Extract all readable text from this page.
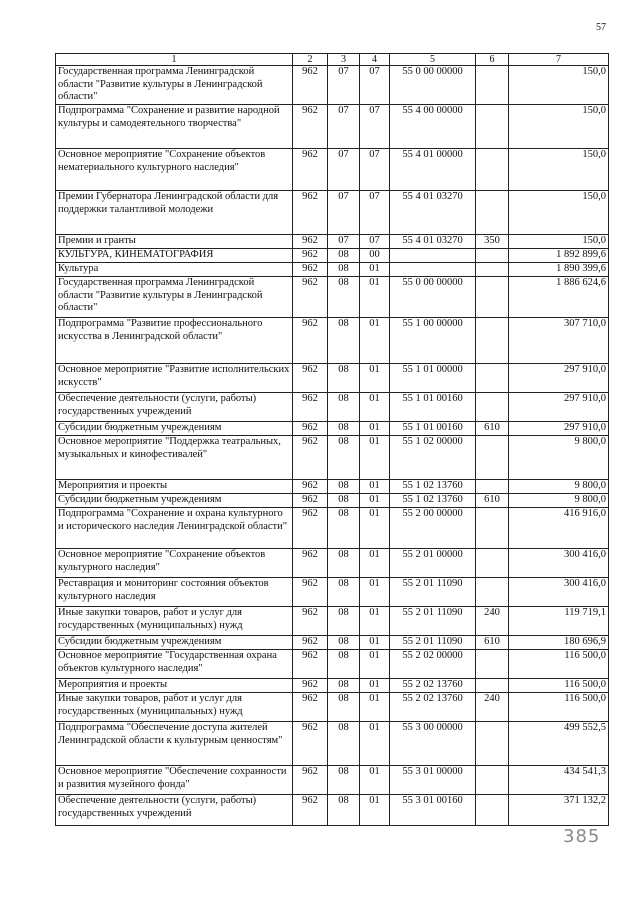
57
1	2	3	4	5	6	7
Государственная программа Ленинградской области "Развитие культуры в Ленинградской области"	962	07	07	55 0 00 00000		150,0
Подпрограмма "Сохранение и развитие народной культуры и самодеятельного творчества"	962	07	07	55 4 00 00000		150,0
Основное мероприятие "Сохранение объектов нематериального культурного наследия"	962	07	07	55 4 01 00000		150,0
Премии Губернатора Ленинградской области для поддержки талантливой молодежи	962	07	07	55 4 01 03270		150,0
Премии и гранты	962	07	07	55 4 01 03270	350	150,0
КУЛЬТУРА, КИНЕМАТОГРАФИЯ	962	08	00			1 892 899,6
Культура	962	08	01			1 890 399,6
Государственная программа Ленинградской области "Развитие культуры в Ленинградской области"	962	08	01	55 0 00 00000		1 886 624,6
Подпрограмма "Развитие профессионального искусства в Ленинградской области"	962	08	01	55 1 00 00000		307 710,0
Основное мероприятие "Развитие исполнительских искусств"	962	08	01	55 1 01 00000		297 910,0
Обеспечение деятельности (услуги, работы) государственных учреждений	962	08	01	55 1 01 00160		297 910,0
Субсидии бюджетным учреждениям	962	08	01	55 1 01 00160	610	297 910,0
Основное мероприятие "Поддержка театральных, музыкальных и кинофестивалей"	962	08	01	55 1 02 00000		9 800,0
Мероприятия и проекты	962	08	01	55 1 02 13760		9 800,0
Субсидии бюджетным учреждениям	962	08	01	55 1 02 13760	610	9 800,0
Подпрограмма "Сохранение и охрана культурного и исторического наследия Ленинградской области"	962	08	01	55 2 00 00000		416 916,0
Основное мероприятие "Сохранение объектов культурного наследия"	962	08	01	55 2 01 00000		300 416,0
Реставрация и мониторинг состояния объектов культурного наследия	962	08	01	55 2 01 11090		300 416,0
Иные закупки товаров, работ и услуг для государственных (муниципальных) нужд	962	08	01	55 2 01 11090	240	119 719,1
Субсидии бюджетным учреждениям	962	08	01	55 2 01 11090	610	180 696,9
Основное мероприятие "Государственная охрана объектов культурного наследия"	962	08	01	55 2 02 00000		116 500,0
Мероприятия и проекты	962	08	01	55 2 02 13760		116 500,0
Иные закупки товаров, работ и услуг для государственных (муниципальных) нужд	962	08	01	55 2 02 13760	240	116 500,0
Подпрограмма "Обеспечение доступа жителей Ленинградской области к культурным ценностям"	962	08	01	55 3 00 00000		499 552,5
Основное мероприятие "Обеспечение сохранности и развития музейного фонда"	962	08	01	55 3 01 00000		434 541,3
Обеспечение деятельности (услуги, работы) государственных учреждений	962	08	01	55 3 01 00160		371 132,2
385
